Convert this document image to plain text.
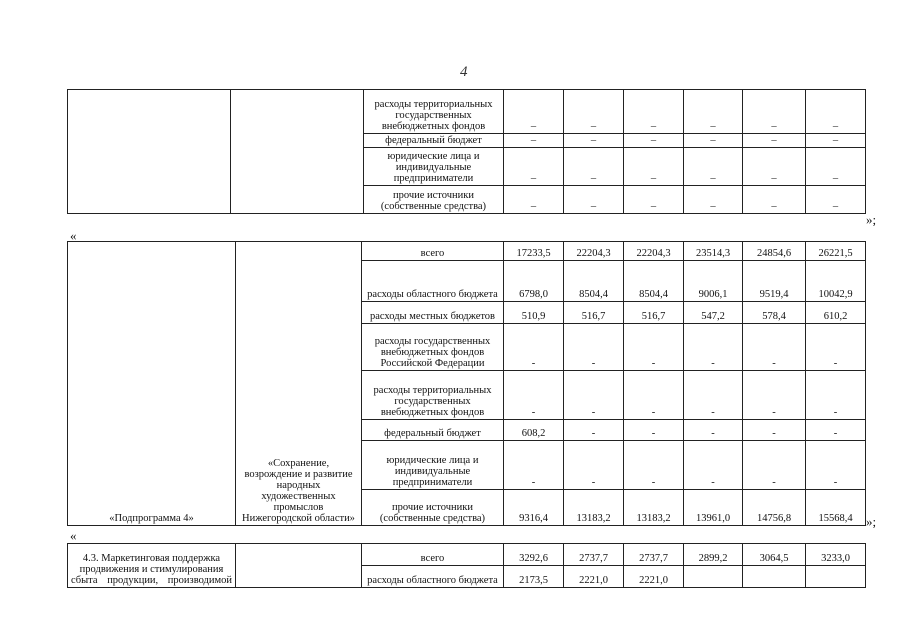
4
		расходы территориальных государственных внебюджетных фондов	–	–	–	–	–	–
		федеральный бюджет	–	–	–	–	–	–
		юридические лица и индивидуальные предприниматели	–	–	–	–	–	–
		прочие источники (собственные средства)	–	–	–	–	–	–
«
»;
«Подпрограмма 4»	«Сохранение, возрождение и развитие народных художественных промыслов Нижегородской области»	всего	17233,5	22204,3	22204,3	23514,3	24854,6	26221,5
		расходы областного бюджета	6798,0	8504,4	8504,4	9006,1	9519,4	10042,9
		расходы местных бюджетов	510,9	516,7	516,7	547,2	578,4	610,2
		расходы государственных внебюджетных фондов Российской Федерации	-	-	-	-	-	-
		расходы территориальных государственных внебюджетных фондов	-	-	-	-	-	-
		федеральный бюджет	608,2	-	-	-	-	-
		юридические лица и индивидуальные предприниматели	-	-	-	-	-	-
		прочие источники (собственные средства)	9316,4	13183,2	13183,2	13961,0	14756,8	15568,4
«
»;
4.3. Маркетинговая поддержка продвижения и стимулирования сбыта продукции, производимой		всего	3292,6	2737,7	2737,7	2899,2	3064,5	3233,0
		расходы областного бюджета	2173,5	2221,0	2221,0			
